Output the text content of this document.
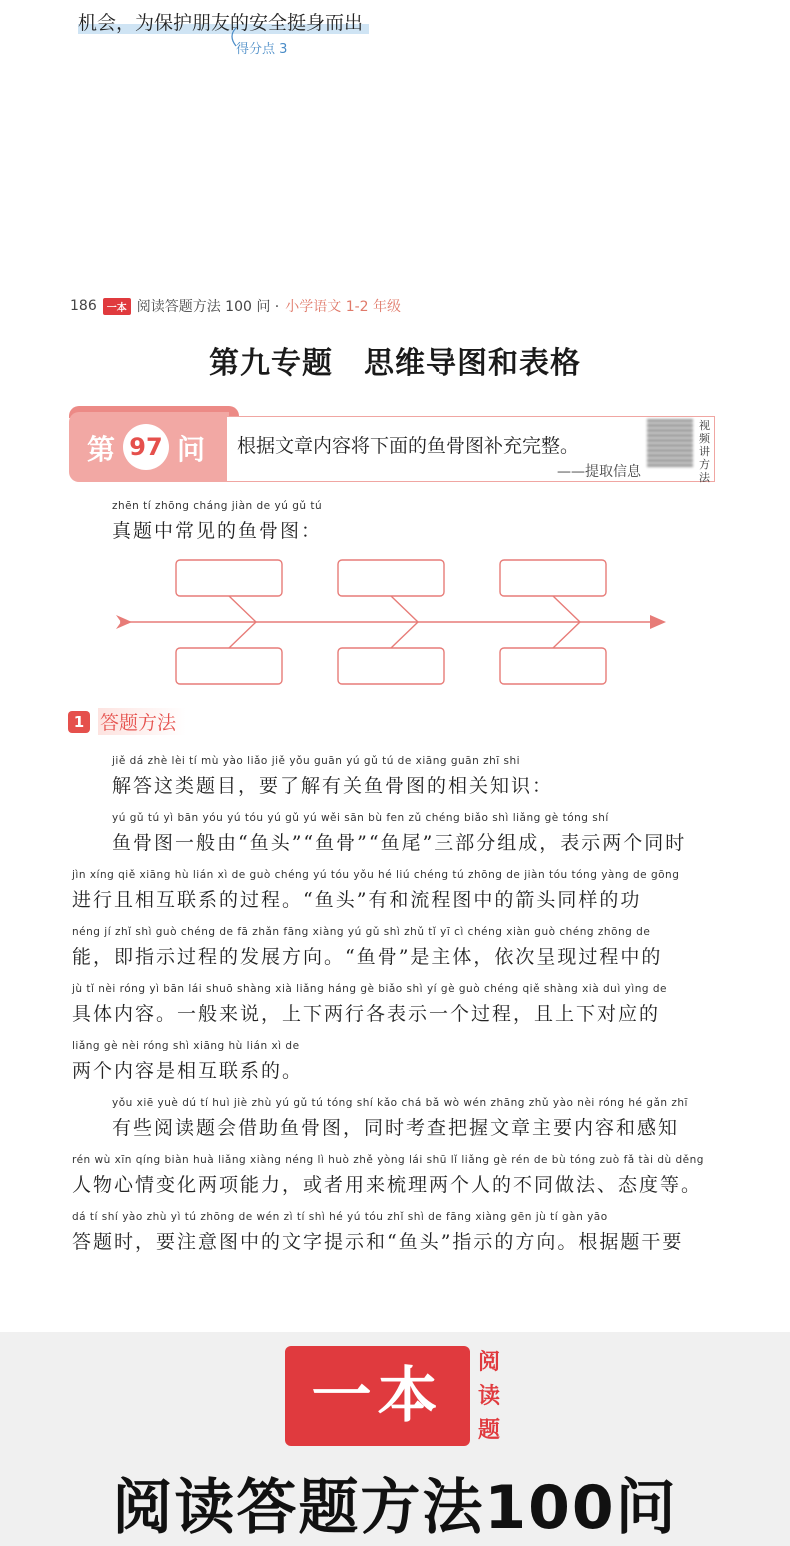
机会，为保护朋友的安全挺身而出
得分点 3
186	一本 阅读答题方法 100 问 · 小学语文 1-2 年级
第九专题　思维导图和表格
第 97 问 根据文章内容将下面的鱼骨图补充完整。
——提取信息
视频讲方法
zhēn tí zhōng cháng jiàn de yú gǔ tú
真题中常见的鱼骨图：
1 答题方法
jiě dá zhè lèi tí mù yào liǎo jiě yǒu guān yú gǔ tú de xiāng guān zhī shi
解答这类题目，要了解有关鱼骨图的相关知识：
yú gǔ tú yì bān yóu yú tóu yú gǔ yú wěi sān bù fen zǔ chéng biǎo shì liǎng gè tóng shí
鱼骨图一般由“鱼头”“鱼骨”“鱼尾”三部分组成，表示两个同时
jìn xíng qiě xiāng hù lián xì de guò chéng yú tóu yǒu hé liú chéng tú zhōng de jiàn tóu tóng yàng de gōng
进行且相互联系的过程。“鱼头”有和流程图中的箭头同样的功
néng jí zhǐ shì guò chéng de fā zhǎn fāng xiàng yú gǔ shì zhǔ tǐ yī cì chéng xiàn guò chéng zhōng de
能，即指示过程的发展方向。“鱼骨”是主体，依次呈现过程中的
jù tǐ nèi róng yì bān lái shuō shàng xià liǎng háng gè biǎo shì yí gè guò chéng qiě shàng xià duì yìng de
具体内容。一般来说，上下两行各表示一个过程，且上下对应的
liǎng gè nèi róng shì xiāng hù lián xì de
两个内容是相互联系的。
yǒu xiē yuè dú tí huì jiè zhù yú gǔ tú tóng shí kǎo chá bǎ wò wén zhāng zhǔ yào nèi róng hé gǎn zhī
有些阅读题会借助鱼骨图，同时考查把握文章主要内容和感知
rén wù xīn qíng biàn huà liǎng xiàng néng lì huò zhě yòng lái shū lǐ liǎng gè rén de bù tóng zuò fǎ tài dù děng
人物心情变化两项能力，或者用来梳理两个人的不同做法、态度等。
dá tí shí yào zhù yì tú zhōng de wén zì tí shì hé yú tóu zhǐ shì de fāng xiàng gēn jù tí gàn yāo
答题时，要注意图中的文字提示和“鱼头”指示的方向。根据题干要
一本	阅
读
题
阅读答题方法100问
